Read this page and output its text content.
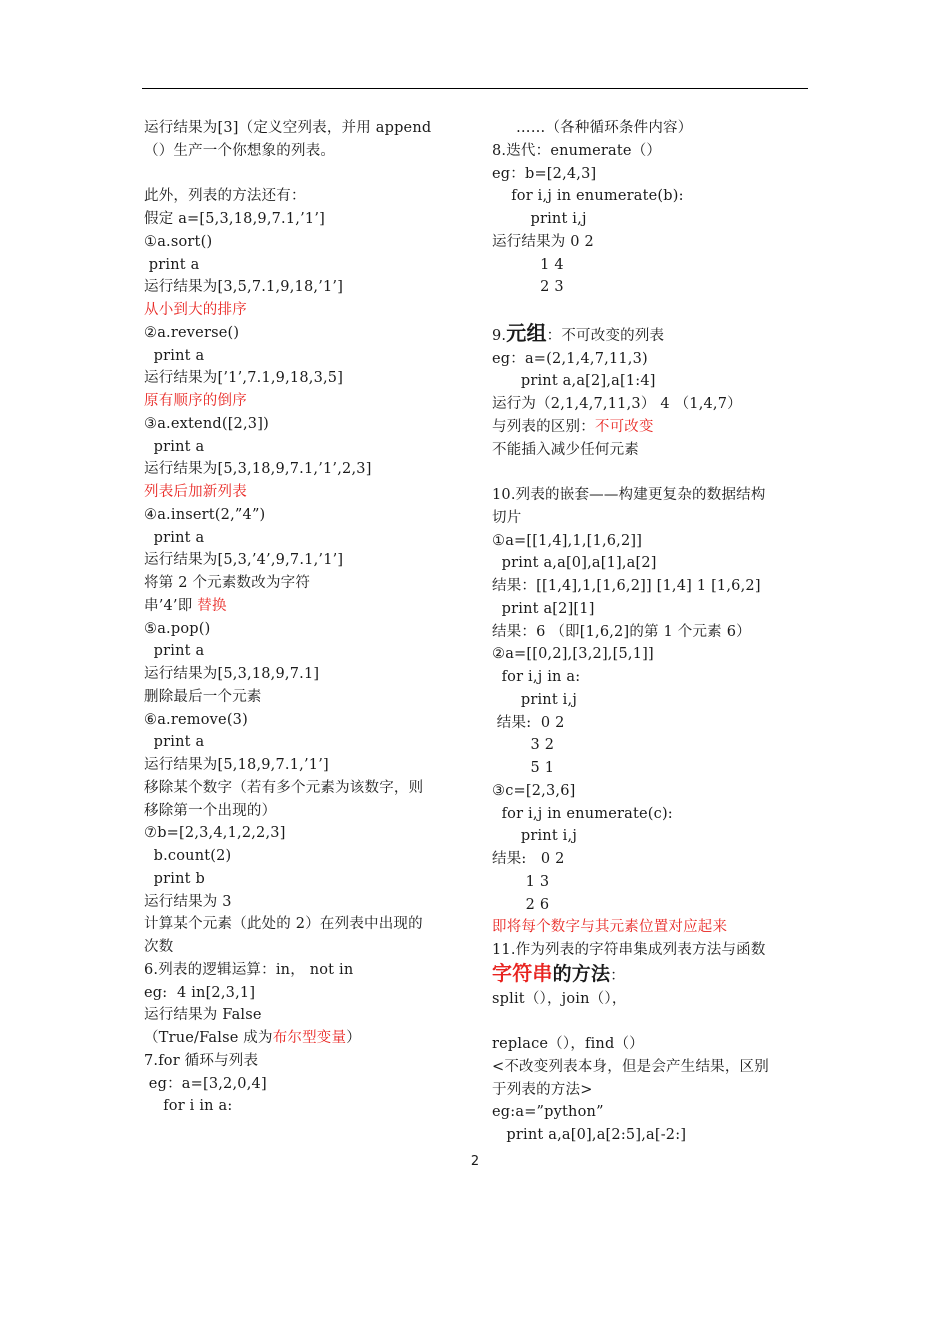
运行结果为[3]（定义空列表，并用 append
（）生产一个你想象的列表。
此外，列表的方法还有：
假定 a=[5,3,18,9,7.1,’1’]
①a.sort()
print a
运行结果为[3,5,7.1,9,18,’1’]
从小到大的排序
②a.reverse()
print a
运行结果为[’1’,7.1,9,18,3,5]
原有顺序的倒序
③a.extend([2,3])
print a
运行结果为[5,3,18,9,7.1,’1’,2,3]
列表后加新列表
④a.insert(2,”4”)
print a
运行结果为[5,3,’4’,9,7.1,’1’]
将第 2 个元素数改为字符
串’4’即 替换
⑤a.pop()
print a
运行结果为[5,3,18,9,7.1]
删除最后一个元素
⑥a.remove(3)
print a
运行结果为[5,18,9,7.1,’1’]
移除某个数字（若有多个元素为该数字，则
移除第一个出现的）
⑦b=[2,3,4,1,2,2,3]
b.count(2)
print b
运行结果为 3
计算某个元素（此处的 2）在列表中出现的
次数
6.列表的逻辑运算：in， not in
eg:  4 in[2,3,1]
运行结果为 False
（True/False 成为布尔型变量）
7.for 循环与列表
eg：a=[3,2,0,4]
for i in a:
……（各种循环条件内容）
8.迭代：enumerate（）
eg：b=[2,4,3]
for i,j in enumerate(b):
print i,j
运行结果为 0 2
1 4
2 3
9.元组：不可改变的列表
eg：a=(2,1,4,7,11,3)
print a,a[2],a[1:4]
运行为（2,1,4,7,11,3） 4 （1,4,7）
与列表的区别：不可改变
不能插入减少任何元素
10.列表的嵌套——构建更复杂的数据结构
切片
①a=[[1,4],1,[1,6,2]]
print a,a[0],a[1],a[2]
结果：[[1,4],1,[1,6,2]] [1,4] 1 [1,6,2]
print a[2][1]
结果：6 （即[1,6,2]的第 1 个元素 6）
②a=[[0,2],[3,2],[5,1]]
for i,j in a:
print i,j
结果:  0 2
3 2
5 1
③c=[2,3,6]
for i,j in enumerate(c):
print i,j
结果:   0 2
1 3
2 6
即将每个数字与其元素位置对应起来
11.作为列表的字符串集成列表方法与函数
字符串的方法：
split（），join（），
replace（），find（）
<不改变列表本身，但是会产生结果，区别
于列表的方法>
eg:a=”python”
print a,a[0],a[2:5],a[-2:]
2
